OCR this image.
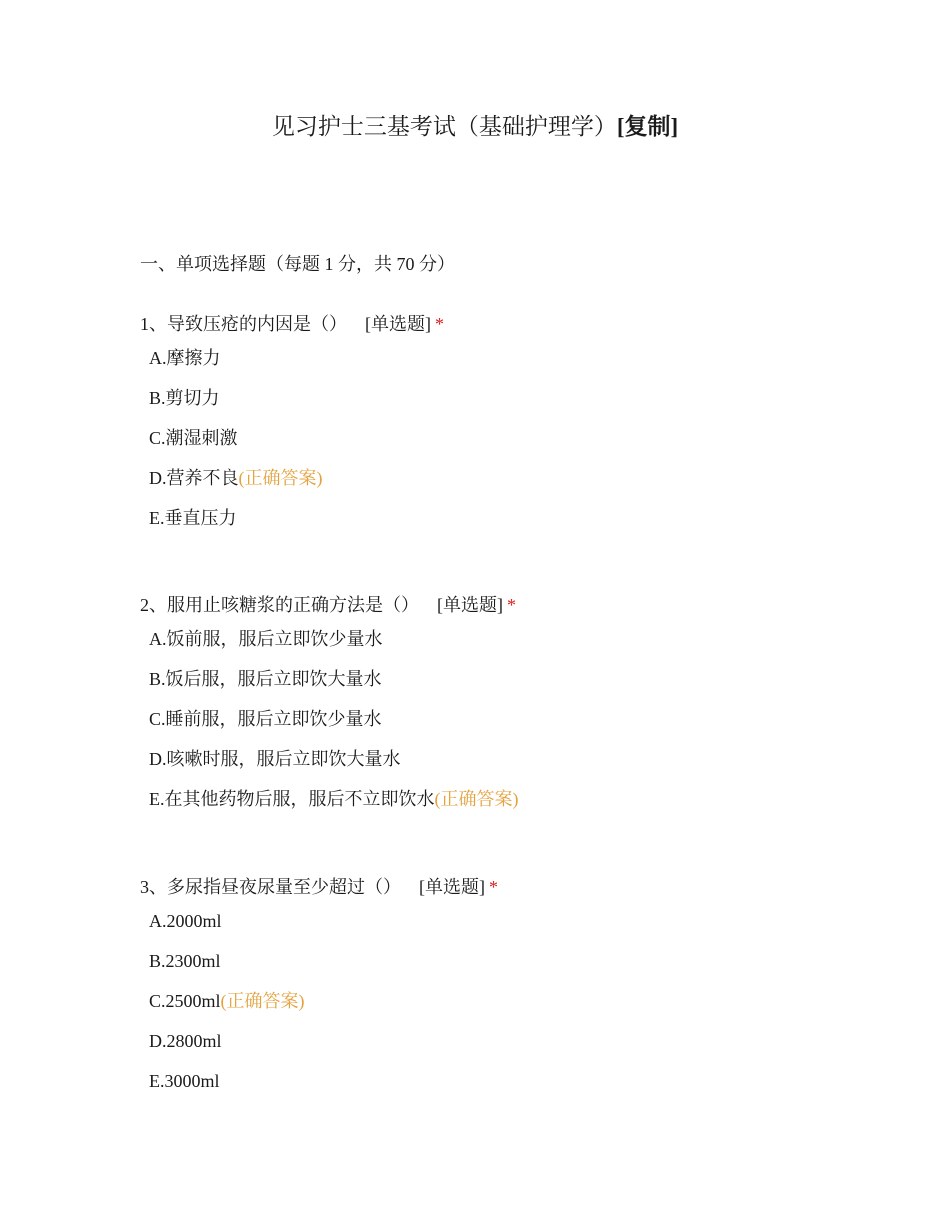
见习护士三基考试（基础护理学）[复制]
一、单项选择题（每题 1 分，共 70 分）
1、导致压疮的内因是（） [单选题] *
A.摩擦力
B.剪切力
C.潮湿刺激
D.营养不良(正确答案)
E.垂直压力
2、服用止咳糖浆的正确方法是（） [单选题] *
A.饭前服，服后立即饮少量水
B.饭后服，服后立即饮大量水
C.睡前服，服后立即饮少量水
D.咳嗽时服，服后立即饮大量水
E.在其他药物后服，服后不立即饮水(正确答案)
3、多尿指昼夜尿量至少超过（） [单选题] *
A.2000ml
B.2300ml
C.2500ml(正确答案)
D.2800ml
E.3000ml
